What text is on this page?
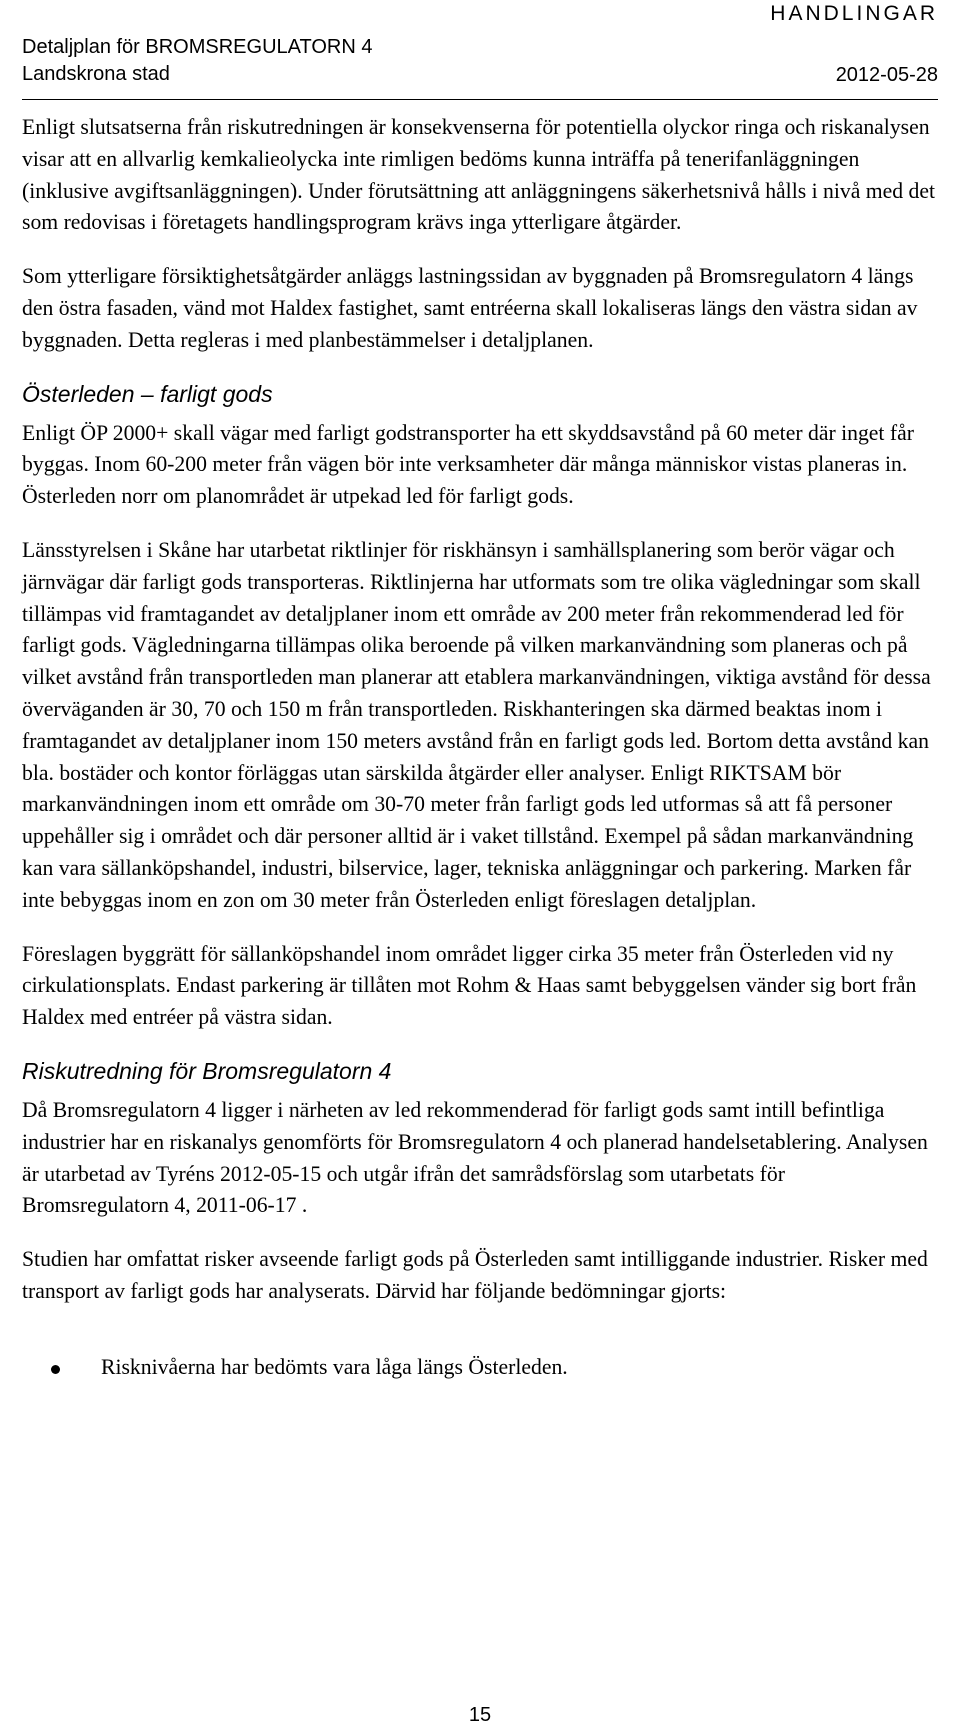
Detaljplan för BROMSREGULATORN 4
Landskrona stad
HANDLINGAR
2012-05-28

Enligt slutsatserna från riskutredningen är konsekvenserna för potentiella olyckor ringa och riskanalysen visar att en allvarlig kemkalieolycka inte rimligen bedöms kunna inträffa på tenerifanläggningen (inklusive avgiftsanläggningen). Under förutsättning att anläggningens säkerhetsnivå hålls i nivå med det som redovisas i företagets handlingsprogram krävs inga ytterligare åtgärder.

Som ytterligare försiktighetsåtgärder anläggs lastningssidan av byggnaden på Bromsregulatorn 4 längs den östra fasaden, vänd mot Haldex fastighet, samt entréerna skall lokaliseras längs den västra sidan av byggnaden. Detta regleras i med planbestämmelser i detaljplanen.

Österleden – farligt gods

Enligt ÖP 2000+ skall vägar med farligt godstransporter ha ett skyddsavstånd på 60 meter där inget får byggas. Inom 60-200 meter från vägen bör inte verksamheter där många människor vistas planeras in. Österleden norr om planområdet är utpekad led för farligt gods.

Länsstyrelsen i Skåne har utarbetat riktlinjer för riskhänsyn i samhällsplanering som berör vägar och järnvägar där farligt gods transporteras. Riktlinjerna har utformats som tre olika vägledningar som skall tillämpas vid framtagandet av detaljplaner inom ett område av 200 meter från rekommenderad led för farligt gods. Vägledningarna tillämpas olika beroende på vilken markanvändning som planeras och på vilket avstånd från transportleden man planerar att etablera markanvändningen, viktiga avstånd för dessa överväganden är 30, 70 och 150 m från transportleden. Riskhanteringen ska därmed beaktas inom i framtagandet av detaljplaner inom 150 meters avstånd från en farligt gods led. Bortom detta avstånd kan bla. bostäder och kontor förläggas utan särskilda åtgärder eller analyser. Enligt RIKTSAM bör markanvändningen inom ett område om 30-70 meter från farligt gods led utformas så att få personer uppehåller sig i området och där personer alltid är i vaket tillstånd. Exempel på sådan markanvändning kan vara sällanköpshandel, industri, bilservice, lager, tekniska anläggningar och parkering. Marken får inte bebyggas inom en zon om 30 meter från Österleden enligt föreslagen detaljplan.

Föreslagen byggrätt för sällanköpshandel inom området ligger cirka 35 meter från Österleden vid ny cirkulationsplats. Endast parkering är tillåten mot Rohm & Haas samt bebyggelsen vänder sig bort från Haldex med entréer på västra sidan.

Riskutredning för Bromsregulatorn 4

Då Bromsregulatorn 4 ligger i närheten av led rekommenderad för farligt gods samt intill befintliga industrier har en riskanalys genomförts för Bromsregulatorn 4 och planerad handelsetablering. Analysen är utarbetad av Tyréns 2012-05-15 och utgår ifrån det samrådsförslag som utarbetats för Bromsregulatorn 4, 2011-06-17 .

Studien har omfattat risker avseende farligt gods på Österleden samt intilliggande industrier. Risker med transport av farligt gods har analyserats. Därvid har följande bedömningar gjorts:

Risknivåerna har bedömts vara låga längs Österleden.
15
